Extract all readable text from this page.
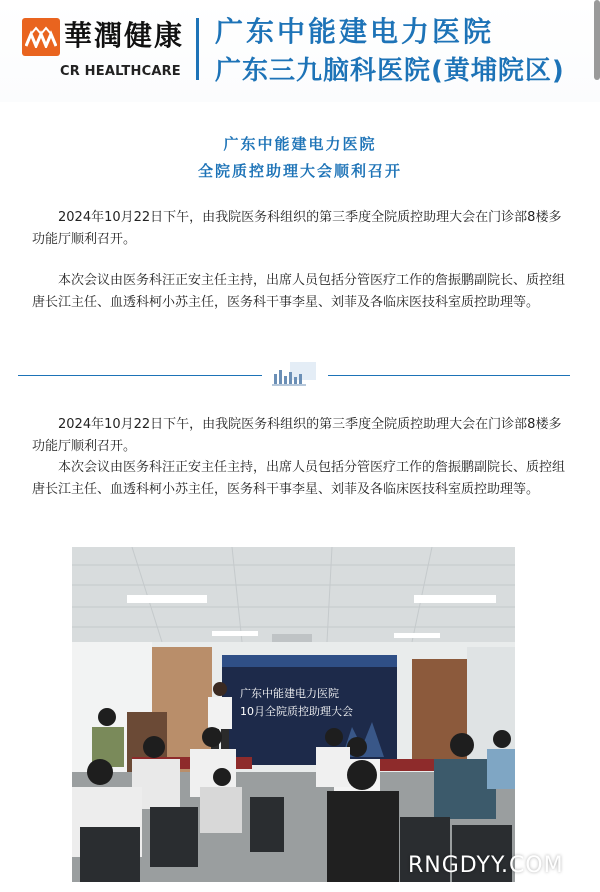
華潤健康
CR HEALTHCARE
广东中能建电力医院
广东三九脑科医院(黄埔院区)
广东中能建电力医院
全院质控助理大会顺利召开
2024年10月22日下午，由我院医务科组织的第三季度全院质控助理大会在门诊部8楼多功能厅顺利召开。
本次会议由医务科汪正安主任主持，出席人员包括分管医疗工作的詹振鹏副院长、质控组唐长江主任、血透科柯小苏主任，医务科干事李星、刘菲及各临床医技科室质控助理等。
2024年10月22日下午，由我院医务科组织的第三季度全院质控助理大会在门诊部8楼多功能厅顺利召开。
本次会议由医务科汪正安主任主持，出席人员包括分管医疗工作的詹振鹏副院长、质控组唐长江主任、血透科柯小苏主任，医务科干事李星、刘菲及各临床医技科室质控助理等。
广东中能建电力医院
10月全院质控助理大会
RNGDYY.COM
